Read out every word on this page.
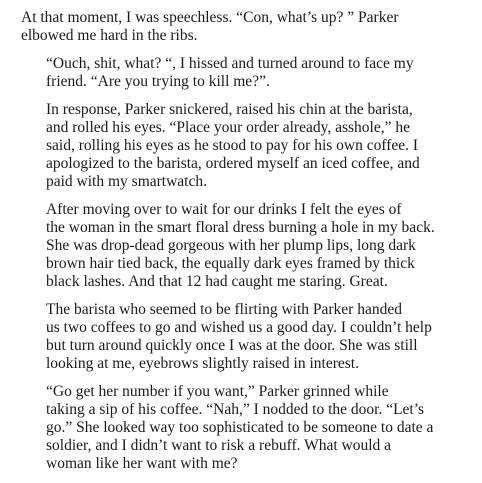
At that moment, I was speechless. “Con, what’s up? ” Parker
elbowed me hard in the ribs.

“Ouch, shit, what? “, I hissed and turned around to face my
friend. “Are you trying to kill me?”.

In response, Parker snickered, raised his chin at the barista,
and rolled his eyes. “Place your order already, asshole,” he
said, rolling his eyes as he stood to pay for his own coffee. I
apologized to the barista, ordered myself an iced coffee, and
paid with my smartwatch.

After moving over to wait for our drinks I felt the eyes of
the woman in the smart floral dress burning a hole in my back.
She was drop-dead gorgeous with her plump lips, long dark
brown hair tied back, the equally dark eyes framed by thick
black lashes. And that 12 had caught me staring. Great.

The barista who seemed to be flirting with Parker handed
us two coffees to go and wished us a good day. I couldn’t help
but turn around quickly once I was at the door. She was still
looking at me, eyebrows slightly raised in interest.

“Go get her number if you want,” Parker grinned while
taking a sip of his coffee. “Nah,” I nodded to the door. “Let’s
go.” She looked way too sophisticated to be someone to date a
soldier, and I didn’t want to risk a rebuff. What would a
woman like her want with me?
